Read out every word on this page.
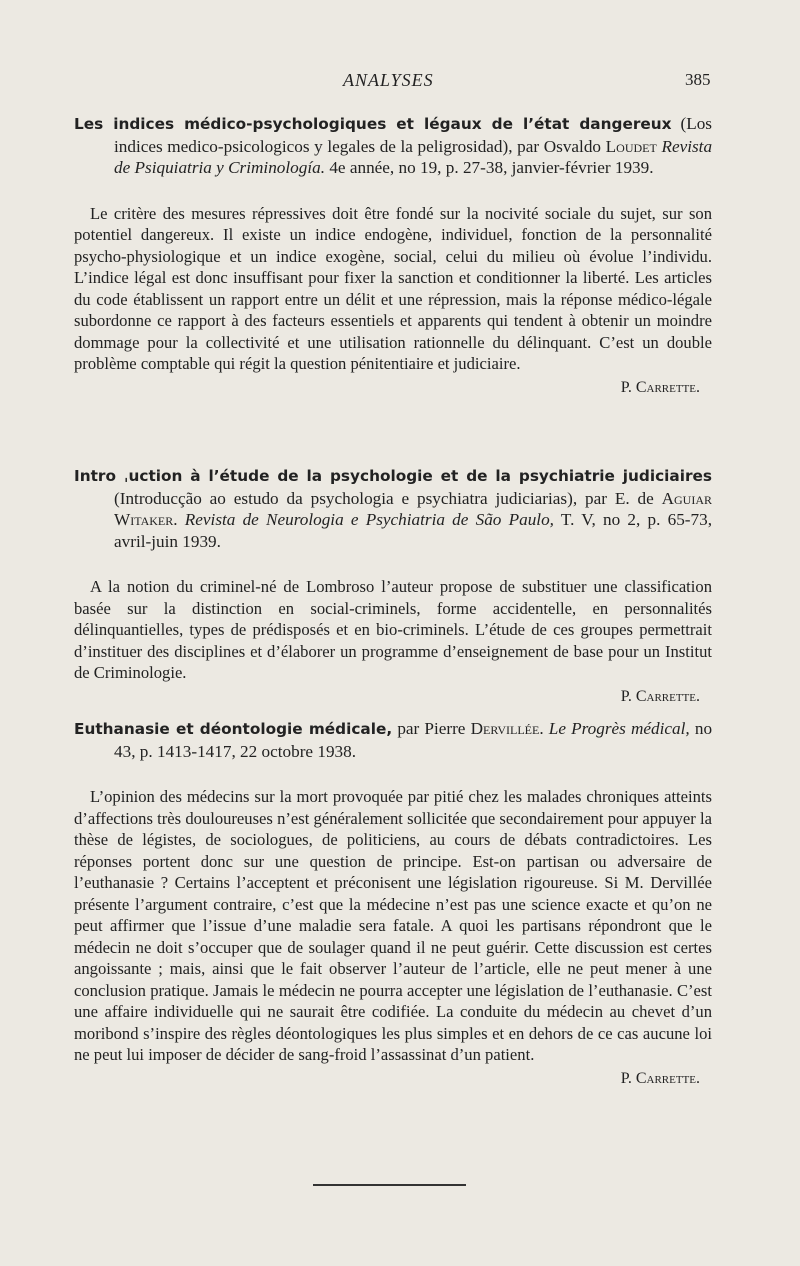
ANALYSES	385

Les indices médico-psychologiques et légaux de l’état dangereux (Los indices medico-psicologicos y legales de la peligrosidad), par Osvaldo Loudet Revista de Psiquiatria y Criminología. 4e année, no 19, p. 27-38, janvier-février 1939.

Le critère des mesures répressives doit être fondé sur la nocivité sociale du sujet, sur son potentiel dangereux. Il existe un indice endogène, individuel, fonction de la personnalité psycho-physiologique et un indice exogène, social, celui du milieu où évolue l’individu. L’indice légal est donc insuffisant pour fixer la sanction et conditionner la liberté. Les articles du code établissent un rapport entre un délit et une répression, mais la réponse médico-légale subordonne ce rapport à des facteurs essentiels et apparents qui tendent à obtenir un moindre dommage pour la collectivité et une utilisation rationnelle du délinquant. C’est un double problème comptable qui régit la question pénitentiaire et judiciaire.

P. Carrette.

Intro ˌuction à l’étude de la psychologie et de la psychiatrie judiciaires (Introducção ao estudo da psychologia e psychiatra judiciarias), par E. de Aguiar Witaker. Revista de Neurologia e Psychiatria de São Paulo, T. V, no 2, p. 65-73, avril-juin 1939.

A la notion du criminel-né de Lombroso l’auteur propose de substituer une classification basée sur la distinction en social-criminels, forme accidentelle, en personnalités délinquantielles, types de prédisposés et en bio-criminels. L’étude de ces groupes permettrait d’instituer des disciplines et d’élaborer un programme d’enseignement de base pour un Institut de Criminologie.

P. Carrette.

Euthanasie et déontologie médicale, par Pierre Dervillée. Le Progrès médical, no 43, p. 1413-1417, 22 octobre 1938.

L’opinion des médecins sur la mort provoquée par pitié chez les malades chroniques atteints d’affections très douloureuses n’est généralement sollicitée que secondairement pour appuyer la thèse de légistes, de sociologues, de politiciens, au cours de débats contradictoires. Les réponses portent donc sur une question de principe. Est-on partisan ou adversaire de l’euthanasie ? Certains l’acceptent et préconisent une législation rigoureuse. Si M. Dervillée présente l’argument contraire, c’est que la médecine n’est pas une science exacte et qu’on ne peut affirmer que l’issue d’une maladie sera fatale. A quoi les partisans répondront que le médecin ne doit s’occuper que de soulager quand il ne peut guérir. Cette discussion est certes angoissante ; mais, ainsi que le fait observer l’auteur de l’article, elle ne peut mener à une conclusion pratique. Jamais le médecin ne pourra accepter une législation de l’euthanasie. C’est une affaire individuelle qui ne saurait être codifiée. La conduite du médecin au chevet d’un moribond s’inspire des règles déontologiques les plus simples et en dehors de ce cas aucune loi ne peut lui imposer de décider de sang-froid l’assassinat d’un patient.

P. Carrette.
